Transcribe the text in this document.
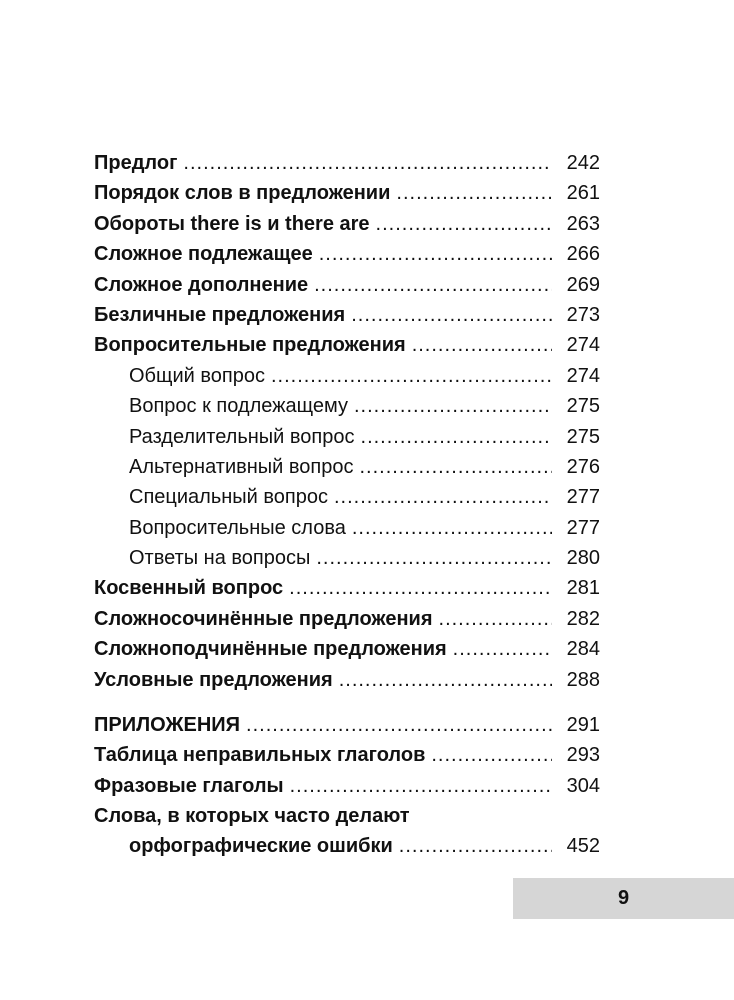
Предлог .....	242
Порядок слов в предложении .....	261
Обороты there is и there are .....	263
Сложное подлежащее .....	266
Сложное дополнение .....	269
Безличные предложения .....	273
Вопросительные предложения .....	274
Общий вопрос .....	274
Вопрос к подлежащему .....	275
Разделительный вопрос .....	275
Альтернативный вопрос .....	276
Специальный вопрос .....	277
Вопросительные слова .....	277
Ответы на вопросы .....	280
Косвенный вопрос .....	281
Сложносочинённые предложения .....	282
Сложноподчинённые предложения .....	284
Условные предложения .....	288
ПРИЛОЖЕНИЯ .....	291
Таблица неправильных глаголов .....	293
Фразовые глаголы .....	304
Слова, в которых часто делают
орфографические ошибки .....	452
9
